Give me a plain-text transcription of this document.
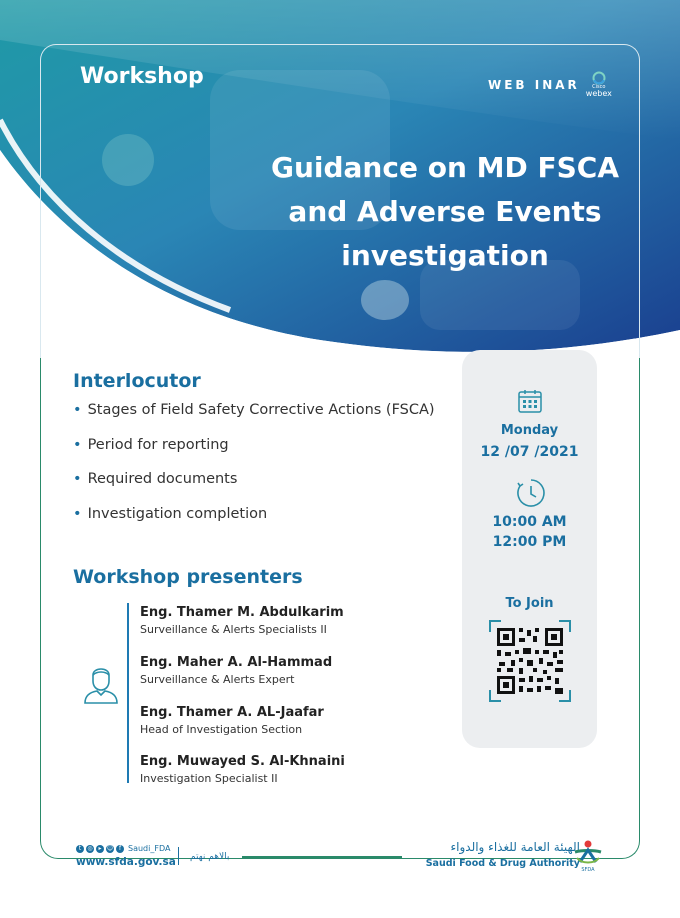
Workshop	WEB INAR Cisco
webex
Guidance on MD FSCA
and Adverse Events
investigation
Monday
12 /07 /2021
10:00 AM
12:00 PM
To Join
Interlocutor
• Stages of Field Safety Corrective Actions (FSCA)
• Period for reporting
• Required documents
• Investigation completion
Workshop presenters
Eng. Thamer M. Abdulkarim
Surveillance & Alerts Specialists II
Eng. Maher A. Al-Hammad
Surveillance & Alerts Expert
Eng. Thamer A. AL-Jaafar
Head of Investigation Section
Eng. Muwayed S. Al-Khnaini
Investigation Specialist II
t	◎ ▸ ☺ f Saudi_FDA
www.sfda.gov.sa بالاهم نهتم
الهيئة العامة للغذاء والدواء
Saudi Food & Drug Authority
SFDA
